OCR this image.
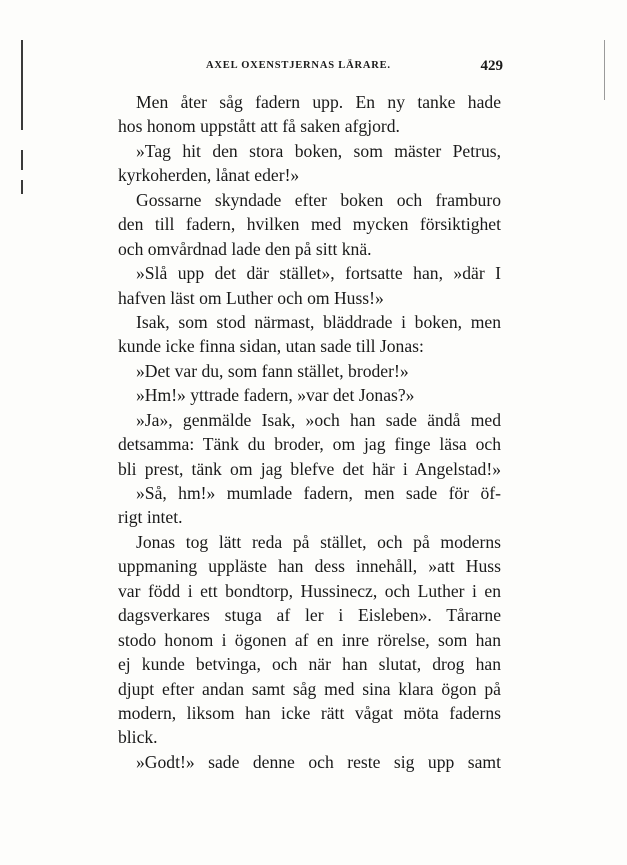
AXEL OXENSTJERNAS LÄRARE.	429
Men åter såg fadern upp. En ny tanke hade
hos honom uppstått att få saken afgjord.
»Tag hit den stora boken, som mäster Petrus,
kyrkoherden, lånat eder!»
Gossarne skyndade efter boken och framburo
den till fadern, hvilken med mycken försiktighet
och omvårdnad lade den på sitt knä.
»Slå upp det där stället», fortsatte han, »där I
hafven läst om Luther och om Huss!»
Isak, som stod närmast, bläddrade i boken, men
kunde icke finna sidan, utan sade till Jonas:
»Det var du, som fann stället, broder!»
»Hm!» yttrade fadern, »var det Jonas?»
»Ja», genmälde Isak, »och han sade ändå med
detsamma: Tänk du broder, om jag finge läsa och
bli prest, tänk om jag blefve det här i Angelstad!»
»Så, hm!» mumlade fadern, men sade för öf-
rigt intet.
Jonas tog lätt reda på stället, och på moderns
uppmaning uppläste han dess innehåll, »att Huss
var född i ett bondtorp, Hussinecz, och Luther i en
dagsverkares stuga af ler i Eisleben». Tårarne
stodo honom i ögonen af en inre rörelse, som han
ej kunde betvinga, och när han slutat, drog han
djupt efter andan samt såg med sina klara ögon på
modern, liksom han icke rätt vågat möta faderns
blick.
»Godt!» sade denne och reste sig upp samt
